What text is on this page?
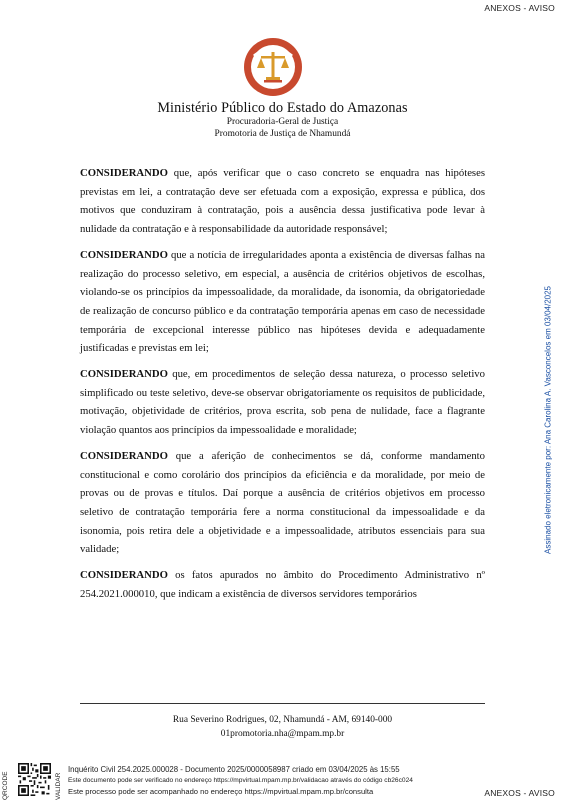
ANEXOS - AVISO
Ministério Público do Estado do Amazonas
Procuradoria-Geral de Justiça
Promotoria de Justiça de Nhamundá

CONSIDERANDO que, após verificar que o caso concreto se enquadra nas hipóteses previstas em lei, a contratação deve ser efetuada com a exposição, expressa e pública, dos motivos que conduziram à contratação, pois a ausência dessa justificativa pode levar à nulidade da contratação e à responsabilidade da autoridade responsável;

CONSIDERANDO que a notícia de irregularidades aponta a existência de diversas falhas na realização do processo seletivo, em especial, a ausência de critérios objetivos de escolhas, violando-se os princípios da impessoalidade, da moralidade, da isonomia, da obrigatoriedade de realização de concurso público e da contratação temporária apenas em caso de necessidade temporária de excepcional interesse público nas hipóteses devida e adequadamente justificadas e previstas em lei;

CONSIDERANDO que, em procedimentos de seleção dessa natureza, o processo seletivo simplificado ou teste seletivo, deve-se observar obrigatoriamente os requisitos de publicidade, motivação, objetividade de critérios, prova escrita, sob pena de nulidade, face a flagrante violação quantos aos princípios da impessoalidade e moralidade;

CONSIDERANDO que a aferição de conhecimentos se dá, conforme mandamento constitucional e como corolário dos princípios da eficiência e da moralidade, por meio de provas ou de provas e títulos. Daí porque a ausência de critérios objetivos em processo seletivo de contratação temporária fere a norma constitucional da impessoalidade e da isonomia, pois retira dele a objetividade e a impessoalidade, atributos essenciais para sua validade;

CONSIDERANDO os fatos apurados no âmbito do Procedimento Administrativo nº 254.2021.000010, que indicam a existência de diversos servidores temporários

Rua Severino Rodrigues, 02, Nhamundá - AM, 69140-000
01promotoria.nha@mpam.mp.br
Assinado eletronicamente por: Ana Carolina A. Vasconcelos em 03/04/2025
QRCODE	VALIDAR
Inquérito Civil 254.2025.000028 - Documento 2025/0000058987 criado em 03/04/2025 às 15:55
Este documento pode ser verificado no endereço https://mpvirtual.mpam.mp.br/validacao através do código cb26c024
Este processo pode ser acompanhado no endereço https://mpvirtual.mpam.mp.br/consulta	ANEXOS - AVISO
